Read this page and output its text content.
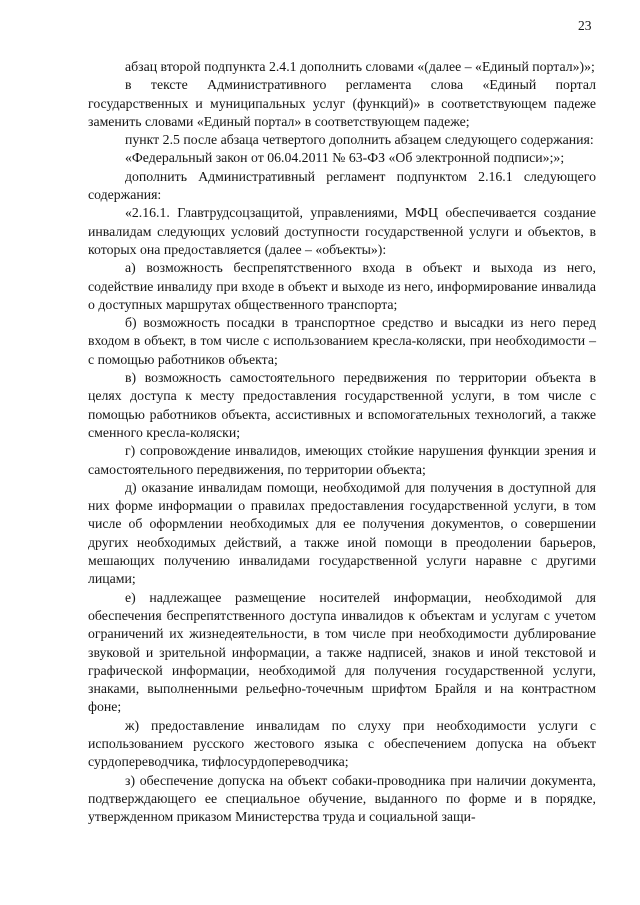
23

абзац второй подпункта 2.4.1 дополнить словами «(далее – «Единый портал»)»;

в тексте Административного регламента слова «Единый портал государственных и муниципальных услуг (функций)» в соответствующем падеже заменить словами «Единый портал» в соответствующем падеже;

пункт 2.5 после абзаца четвертого дополнить абзацем следующего содержания:

«Федеральный закон от 06.04.2011 № 63-ФЗ «Об электронной подписи»;»;

дополнить Административный регламент подпунктом 2.16.1 следующего содержания:

«2.16.1. Главтрудсоцзащитой, управлениями, МФЦ обеспечивается создание инвалидам следующих условий доступности государственной услуги и объектов, в которых она предоставляется (далее – «объекты»):

а) возможность беспрепятственного входа в объект и выхода из него, содействие инвалиду при входе в объект и выходе из него, информирование инвалида о доступных маршрутах общественного транспорта;

б) возможность посадки в транспортное средство и высадки из него перед входом в объект, в том числе с использованием кресла-коляски, при необходимости – с помощью работников объекта;

в) возможность самостоятельного передвижения по территории объекта в целях доступа к месту предоставления государственной услуги, в том числе с помощью работников объекта, ассистивных и вспомогательных технологий, а также сменного кресла-коляски;

г) сопровождение инвалидов, имеющих стойкие нарушения функции зрения и самостоятельного передвижения, по территории объекта;

д) оказание инвалидам помощи, необходимой для получения в доступной для них форме информации о правилах предоставления государственной услуги, в том числе об оформлении необходимых для ее получения документов, о совершении других необходимых действий, а также иной помощи в преодолении барьеров, мешающих получению инвалидами государственной услуги наравне с другими лицами;

е) надлежащее размещение носителей информации, необходимой для обеспечения беспрепятственного доступа инвалидов к объектам и услугам с учетом ограничений их жизнедеятельности, в том числе при необходимости дублирование звуковой и зрительной информации, а также надписей, знаков и иной текстовой и графической информации, необходимой для получения государственной услуги, знаками, выполненными рельефно-точечным шрифтом Брайля и на контрастном фоне;

ж) предоставление инвалидам по слуху при необходимости услуги с использованием русского жестового языка с обеспечением допуска на объект сурдопереводчика, тифлосурдопереводчика;

з) обеспечение допуска на объект собаки-проводника при наличии документа, подтверждающего ее специальное обучение, выданного по форме и в порядке, утвержденном приказом Министерства труда и социальной защи-
